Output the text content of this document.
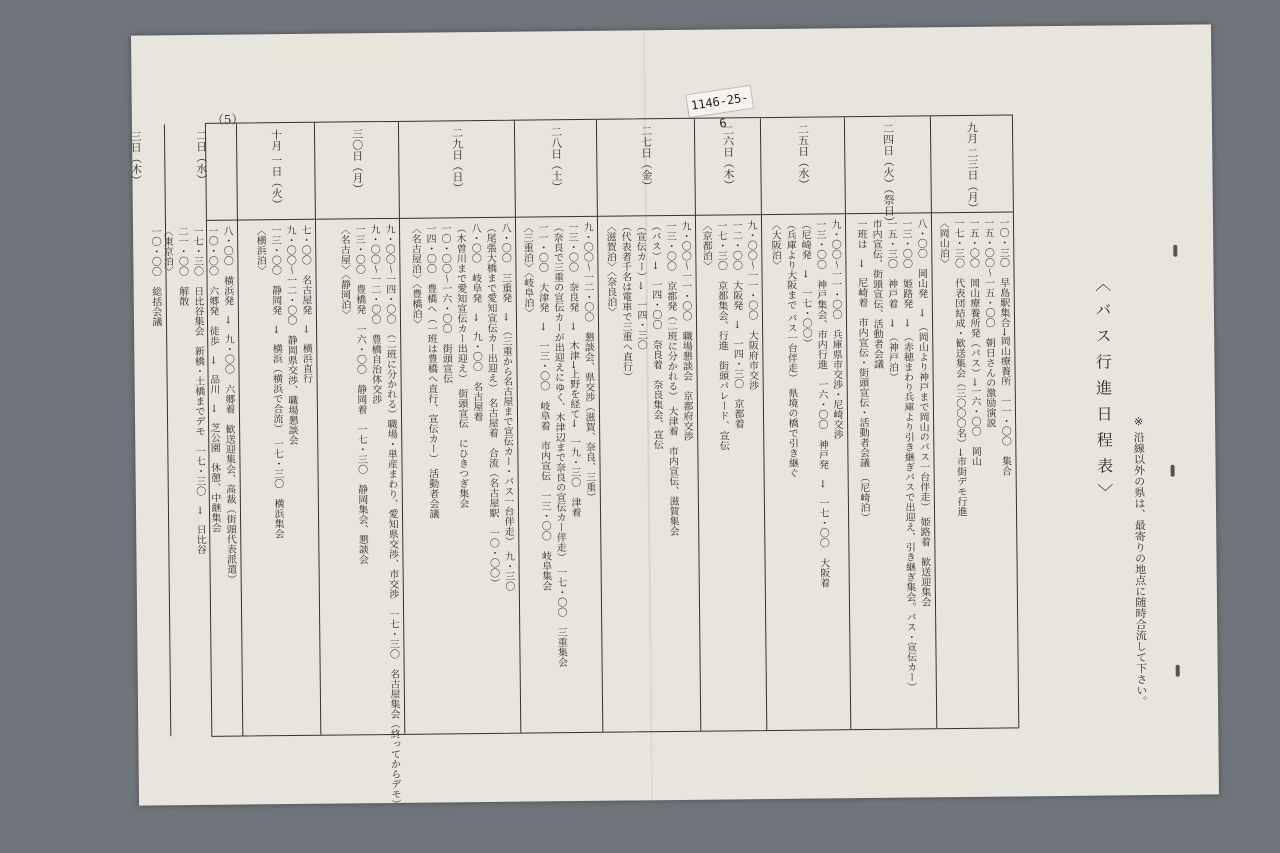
（5）
1146-25-6	九月 二三日（月）
一〇・三〇　早島駅集合→岡山療養所　一一・〇〇　集合
一五・〇〇〜一五・〇〇　朝日さんの激励演説
一五・〇〇　岡山療養所発（バス）→一六・〇〇　岡山
一七・三〇　代表団結成・歓送集会（三〇〇〇名）→市街デモ行進
〈岡山泊〉
二四日（火）（祭日）
八・〇〇　岡山発　→　（岡山より神戸まで岡山のバス一台伴走）　姫路着　歓送迎集会
一三・〇〇　姫路発　→　（赤穂まわり兵庫より引き継ぎバスで出迎え、引き継ぎ集会。バス・宣伝カー）
一五・三〇　神戸着　→　（神戸泊）
市内宣伝、街頭宣伝、活動者会議
一班は　→　尼崎着　市内宣伝・街頭宣伝・活動者会議　（尼崎泊）
二五日（水）
九・〇〇〜一一・〇〇　兵庫県市交渉・尼崎交渉
一三・〇〇　神戸集会、市内行進　一六・〇〇　神戸発　→　一七・〇〇　大阪着
（尼崎発　→　一七・〇〇）
（兵庫より大阪まで バス一台伴走）　県境の橋で引き継ぐ
〈大阪泊〉
二六日（木）
九・〇〇〜一一・〇〇　大阪府市交渉
一二・〇〇　大阪発　→　一四・三〇　京都着
一七・三〇　京都集会、行進　街頭パレード、宣伝
〈京都泊〉
二七日（金）
九・〇〇〜一一・〇〇　職場懇談会　京都府交渉
一三・〇〇　京都発（二班に分かれる）　大津着　市内宣伝、滋賀集会
（バス）→　一四・〇〇　奈良着　奈良集会、宣伝
（宣伝カー）→　一四・三〇
（代表者千名は電車で三重へ直行）
〈滋賀泊〉〈奈良泊〉
二八日（土）
九・〇〇〜一二・〇〇　懇談会、県交渉（滋賀、奈良、三重）
一三・〇〇　奈良発　→　木津→上野を経て→　一九・三〇　津着
（奈良で三重の宣伝カーが出迎えにゆく、木津辺まで奈良の宣伝カー伴走）　一七・〇〇　三重集会
一一・〇〇　大津発　→　一三・〇〇　岐阜着　市内宣伝　一三・〇〇　岐阜集会
〈三重泊〉〈岐阜泊〉
二九日（日）
八・〇〇　三重発　→　（三重から名古屋まで宣伝カー・バス一台伴走）　九・三〇
（尾張大橋まで愛知宣伝カー出迎え）　名古屋着　合流（名古屋駅　一〇・〇〇）
八・〇〇　岐阜発　→　九・〇〇　名古屋着
（木曽川まで愛知宣伝カー出迎え）　街頭宣伝　にひきつぎ集会
一〇・〇〇〜一六・〇〇　街頭宣伝
一四・〇〇　豊橋へ（一班は豊橋へ直行、宣伝カー）　活動者会議
〈名古屋泊〉〈豊橋泊〉
三〇日（月）
九・〇〇〜一四・〇〇　（二班に分かれる）職場・単産まわり、愛知県交渉、市交渉　一七・三〇　名古屋集会（終ってからデモ）
九・〇〇〜一二・〇〇　豊橋自治体交渉
一三・〇〇　豊橋発　一六・〇〇　静岡着　一七・三〇　静岡集会、懇談会
〈名古屋〉〈静岡泊〉
十月 一日（火）
七・〇〇　名古屋発　→　横浜直行
九・〇〇〜一二・〇〇　静岡県交渉、職場懇談会
一三・〇〇　静岡発　→　横浜（横浜で合流）　一七・三〇　横浜集会
〈横浜泊〉
二日（水）
八・〇〇　横浜発　→　九・〇〇　六郷着　歓送迎集会、高裁（街頭代表派遣）
一〇・〇〇　六郷発　徒歩　→　品川　→　芝公園　休憩、中継集会
一七・三〇　日比谷集会　新橋・土橋までデモ　一七・三〇　→　日比谷
二一・〇〇　解散
〈東京泊〉
三日（木）
一〇・〇〇　総括会議	〈バス行進日程表〉
※ 沿線以外の県は、最寄りの地点に随時合流して下さい。
